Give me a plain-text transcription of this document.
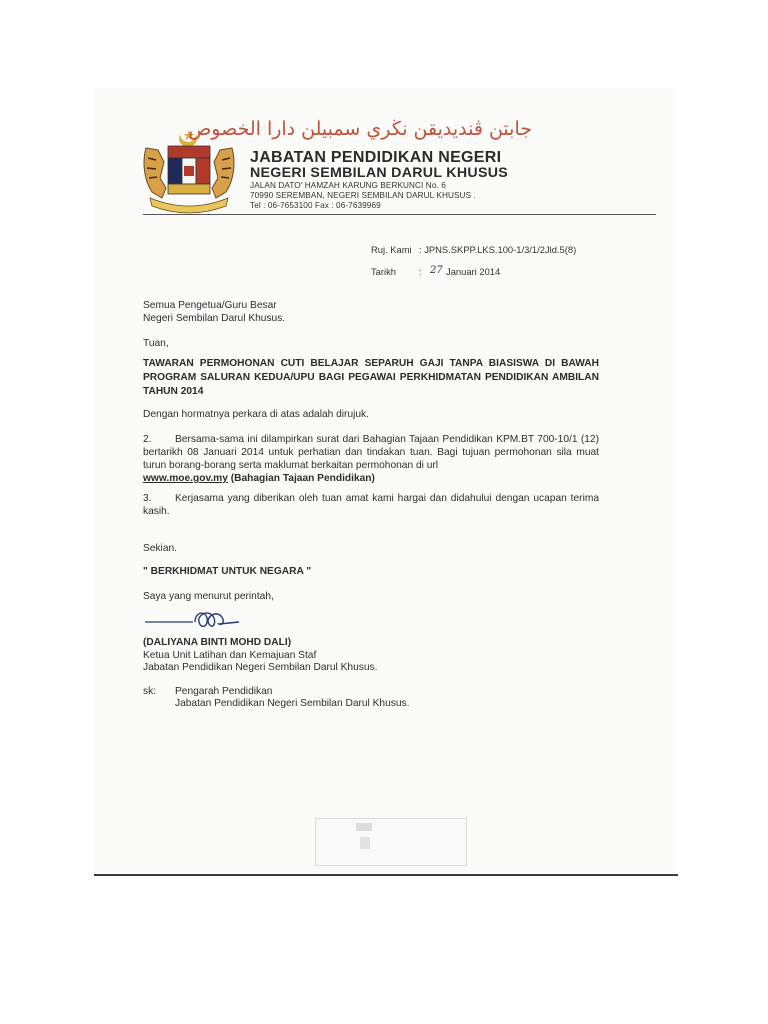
جابتن ڤنديديقن نڬري سمبيلن دارا الخصوص
JABATAN PENDIDIKAN NEGERI
NEGERI SEMBILAN DARUL KHUSUS
JALAN DATO' HAMZAH KARUNG BERKUNCI No. 6
70990 SEREMBAN, NEGERI SEMBILAN DARUL KHUSUS .
Tel : 06-7653100 Fax : 06-7639969
Ruj. Kami : JPNS.SKPP.LKS.100-1/3/1/2Jld.5(8)
Tarikh : 27 Januari 2014
Semua Pengetua/Guru Besar
Negeri Sembilan Darul Khusus.
Tuan,
TAWARAN PERMOHONAN CUTI BELAJAR SEPARUH GAJI TANPA BIASISWA DI BAWAH PROGRAM SALURAN KEDUA/UPU BAGI PEGAWAI PERKHIDMATAN PENDIDIKAN AMBILAN TAHUN 2014
Dengan hormatnya perkara di atas adalah dirujuk.
2. Bersama-sama ini dilampirkan surat dari Bahagian Tajaan Pendidikan KPM.BT 700-10/1 (12) bertarikh 08 Januari 2014 untuk perhatian dan tindakan tuan. Bagi tujuan permohonan sila muat turun borang-borang serta maklumat berkaitan permohonan di url
www.moe.gov.my (Bahagian Tajaan Pendidikan)
3. Kerjasama yang diberikan oleh tuan amat kami hargai dan didahului dengan ucapan terima kasih.
Sekian.
" BERKHIDMAT UNTUK NEGARA "
Saya yang menurut perintah,
(DALIYANA BINTI MOHD DALI)
Ketua Unit Latihan dan Kemajuan Staf
Jabatan Pendidikan Negeri Sembilan Darul Khusus.
sk: Pengarah Pendidikan
Jabatan Pendidikan Negeri Sembilan Darul Khusus.
